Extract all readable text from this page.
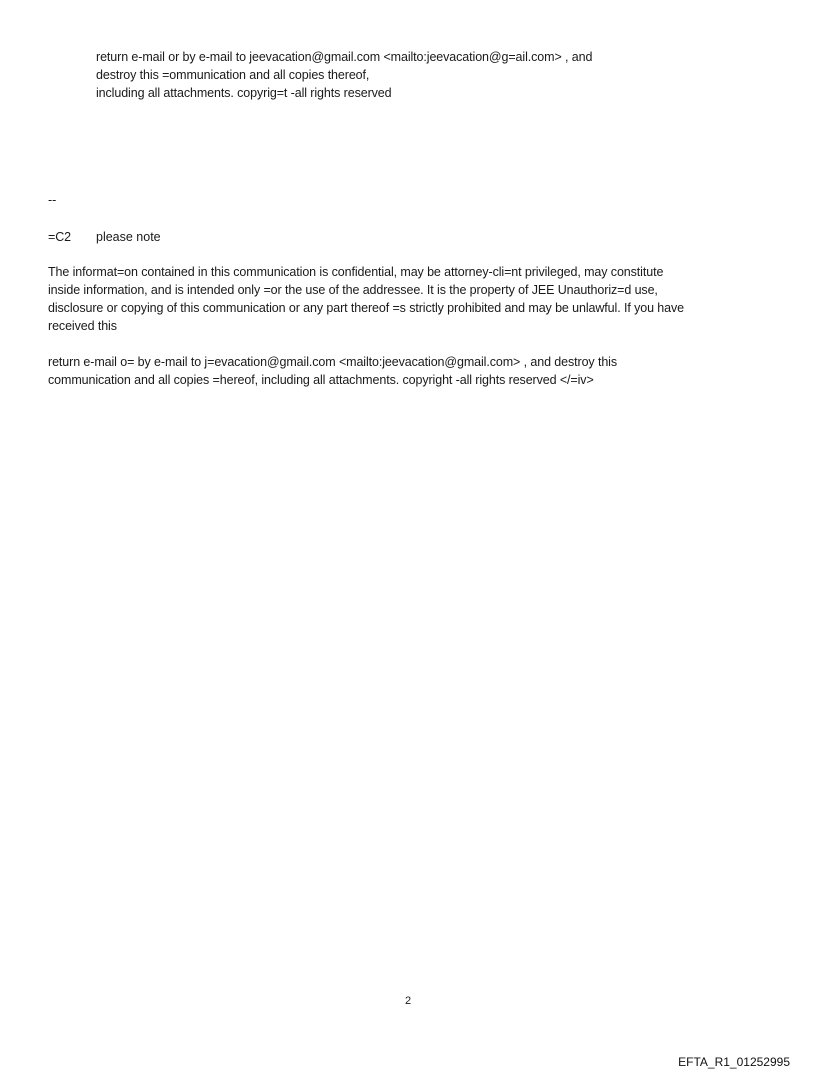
return e-mail or by e-mail to jeevacation@gmail.com <mailto:jeevacation@g=ail.com> , and
destroy this =ommunication and all copies thereof,
including all attachments. copyrig=t -all rights reserved
--
=C2 please note
The informat=on contained in this communication is confidential, may be attorney-cli=nt privileged, may constitute
inside information, and is intended only =or the use of the addressee. It is the property of JEE Unauthoriz=d use,
disclosure or copying of this communication or any part thereof =s strictly prohibited and may be unlawful. If you have
received this
return e-mail o= by e-mail to j=evacation@gmail.com <mailto:jeevacation@gmail.com> , and destroy this
communication and all copies =hereof, including all attachments. copyright -all rights reserved </=iv>
2
EFTA_R1_01252995
